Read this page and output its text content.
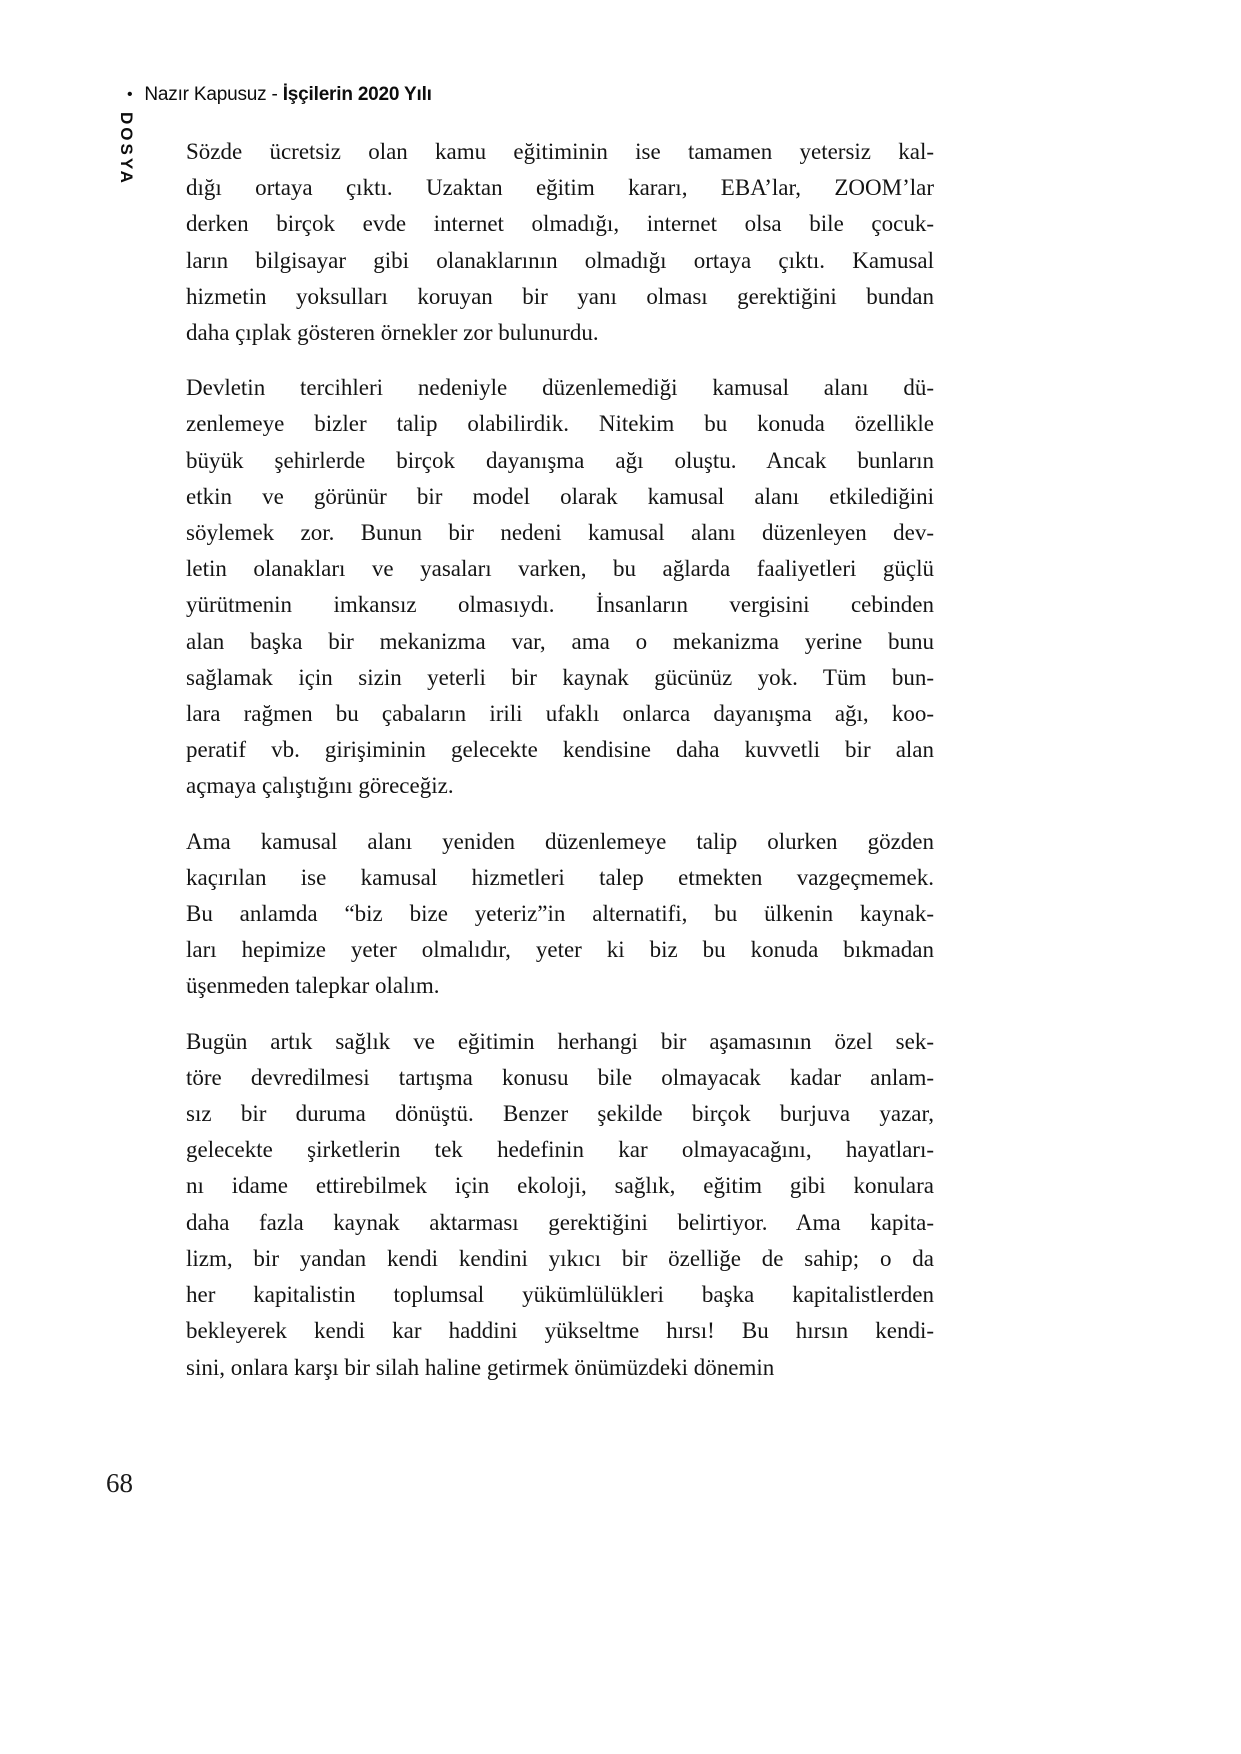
• Nazır Kapusuz - İşçilerin 2020 Yılı
DOSYA Sözde ücretsiz olan kamu eğitiminin ise tamamen yetersiz kal-
dığı ortaya çıktı. Uzaktan eğitim kararı, EBA’lar, ZOOM’lar
derken birçok evde internet olmadığı, internet olsa bile çocuk-
ların bilgisayar gibi olanaklarının olmadığı ortaya çıktı. Kamusal
hizmetin yoksulları koruyan bir yanı olması gerektiğini bundan
daha çıplak gösteren örnekler zor bulunurdu.
Devletin tercihleri nedeniyle düzenlemediği kamusal alanı dü-
zenlemeye bizler talip olabilirdik. Nitekim bu konuda özellikle
büyük şehirlerde birçok dayanışma ağı oluştu. Ancak bunların
etkin ve görünür bir model olarak kamusal alanı etkilediğini
söylemek zor. Bunun bir nedeni kamusal alanı düzenleyen dev-
letin olanakları ve yasaları varken, bu ağlarda faaliyetleri güçlü
yürütmenin imkansız olmasıydı. İnsanların vergisini cebinden
alan başka bir mekanizma var, ama o mekanizma yerine bunu
sağlamak için sizin yeterli bir kaynak gücünüz yok. Tüm bun-
lara rağmen bu çabaların irili ufaklı onlarca dayanışma ağı, koo-
peratif vb. girişiminin gelecekte kendisine daha kuvvetli bir alan
açmaya çalıştığını göreceğiz.
Ama kamusal alanı yeniden düzenlemeye talip olurken gözden
kaçırılan ise kamusal hizmetleri talep etmekten vazgeçmemek.
Bu anlamda “biz bize yeteriz”in alternatifi, bu ülkenin kaynak-
ları hepimize yeter olmalıdır, yeter ki biz bu konuda bıkmadan
üşenmeden talepkar olalım.
Bugün artık sağlık ve eğitimin herhangi bir aşamasının özel sek-
töre devredilmesi tartışma konusu bile olmayacak kadar anlam-
sız bir duruma dönüştü. Benzer şekilde birçok burjuva yazar,
gelecekte şirketlerin tek hedefinin kar olmayacağını, hayatları-
nı idame ettirebilmek için ekoloji, sağlık, eğitim gibi konulara
daha fazla kaynak aktarması gerektiğini belirtiyor. Ama kapita-
lizm, bir yandan kendi kendini yıkıcı bir özelliğe de sahip; o da
her kapitalistin toplumsal yükümlülükleri başka kapitalistlerden
bekleyerek kendi kar haddini yükseltme hırsı! Bu hırsın kendi-
sini, onlara karşı bir silah haline getirmek önümüzdeki dönemin
68
